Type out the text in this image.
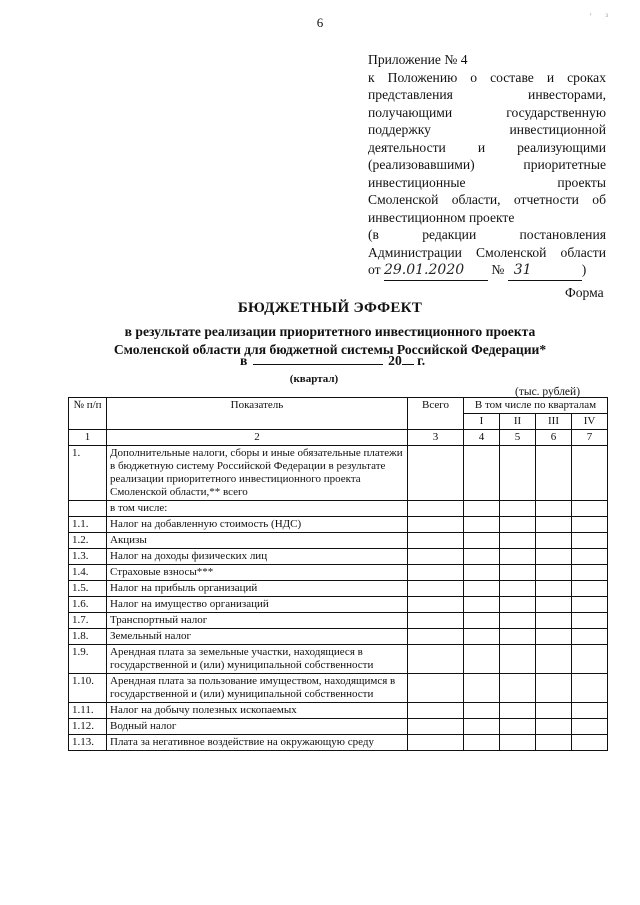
6	' ³
Приложение № 4
к Положению о составе и сроках
представления инвесторами,
получающими государственную
поддержку инвестиционной
деятельности и реализующими
(реализовавшими) приоритетные
инвестиционные проекты
Смоленской области, отчетности об
инвестиционном проекте
(в редакции постановления
Администрации Смоленской области
от
29.01.2020
	№
31	)
Форма
БЮДЖЕТНЫЙ ЭФФЕКТ
в результате реализации приоритетного инвестиционного проекта
Смоленской области для бюджетной системы Российской Федерации*
в	20 г.
(квартал)
(тыс. рублей)
№ п/п	Показатель	Всего	В том числе по кварталам			
			I	II	III	IV
1	2	3	4	5	6	7
1.	Дополнительные налоги, сборы и иные обязательные платежи в бюджетную систему Российской Федерации в результате реализации приоритетного инвестиционного проекта Смоленской области,** всего					
	в том числе:					
1.1.	Налог на добавленную стоимость (НДС)					
1.2.	Акцизы					
1.3.	Налог на доходы физических лиц					
1.4.	Страховые взносы***					
1.5.	Налог на прибыль организаций					
1.6.	Налог на имущество организаций					
1.7.	Транспортный налог					
1.8.	Земельный налог					
1.9.	Арендная плата за земельные участки, находящиеся в государственной и (или) муниципальной собственности					
1.10.	Арендная плата за пользование имуществом, находящимся в государственной и (или) муниципальной собственности					
1.11.	Налог на добычу полезных ископаемых					
1.12.	Водный налог					
1.13.	Плата за негативное воздействие на окружающую среду					
